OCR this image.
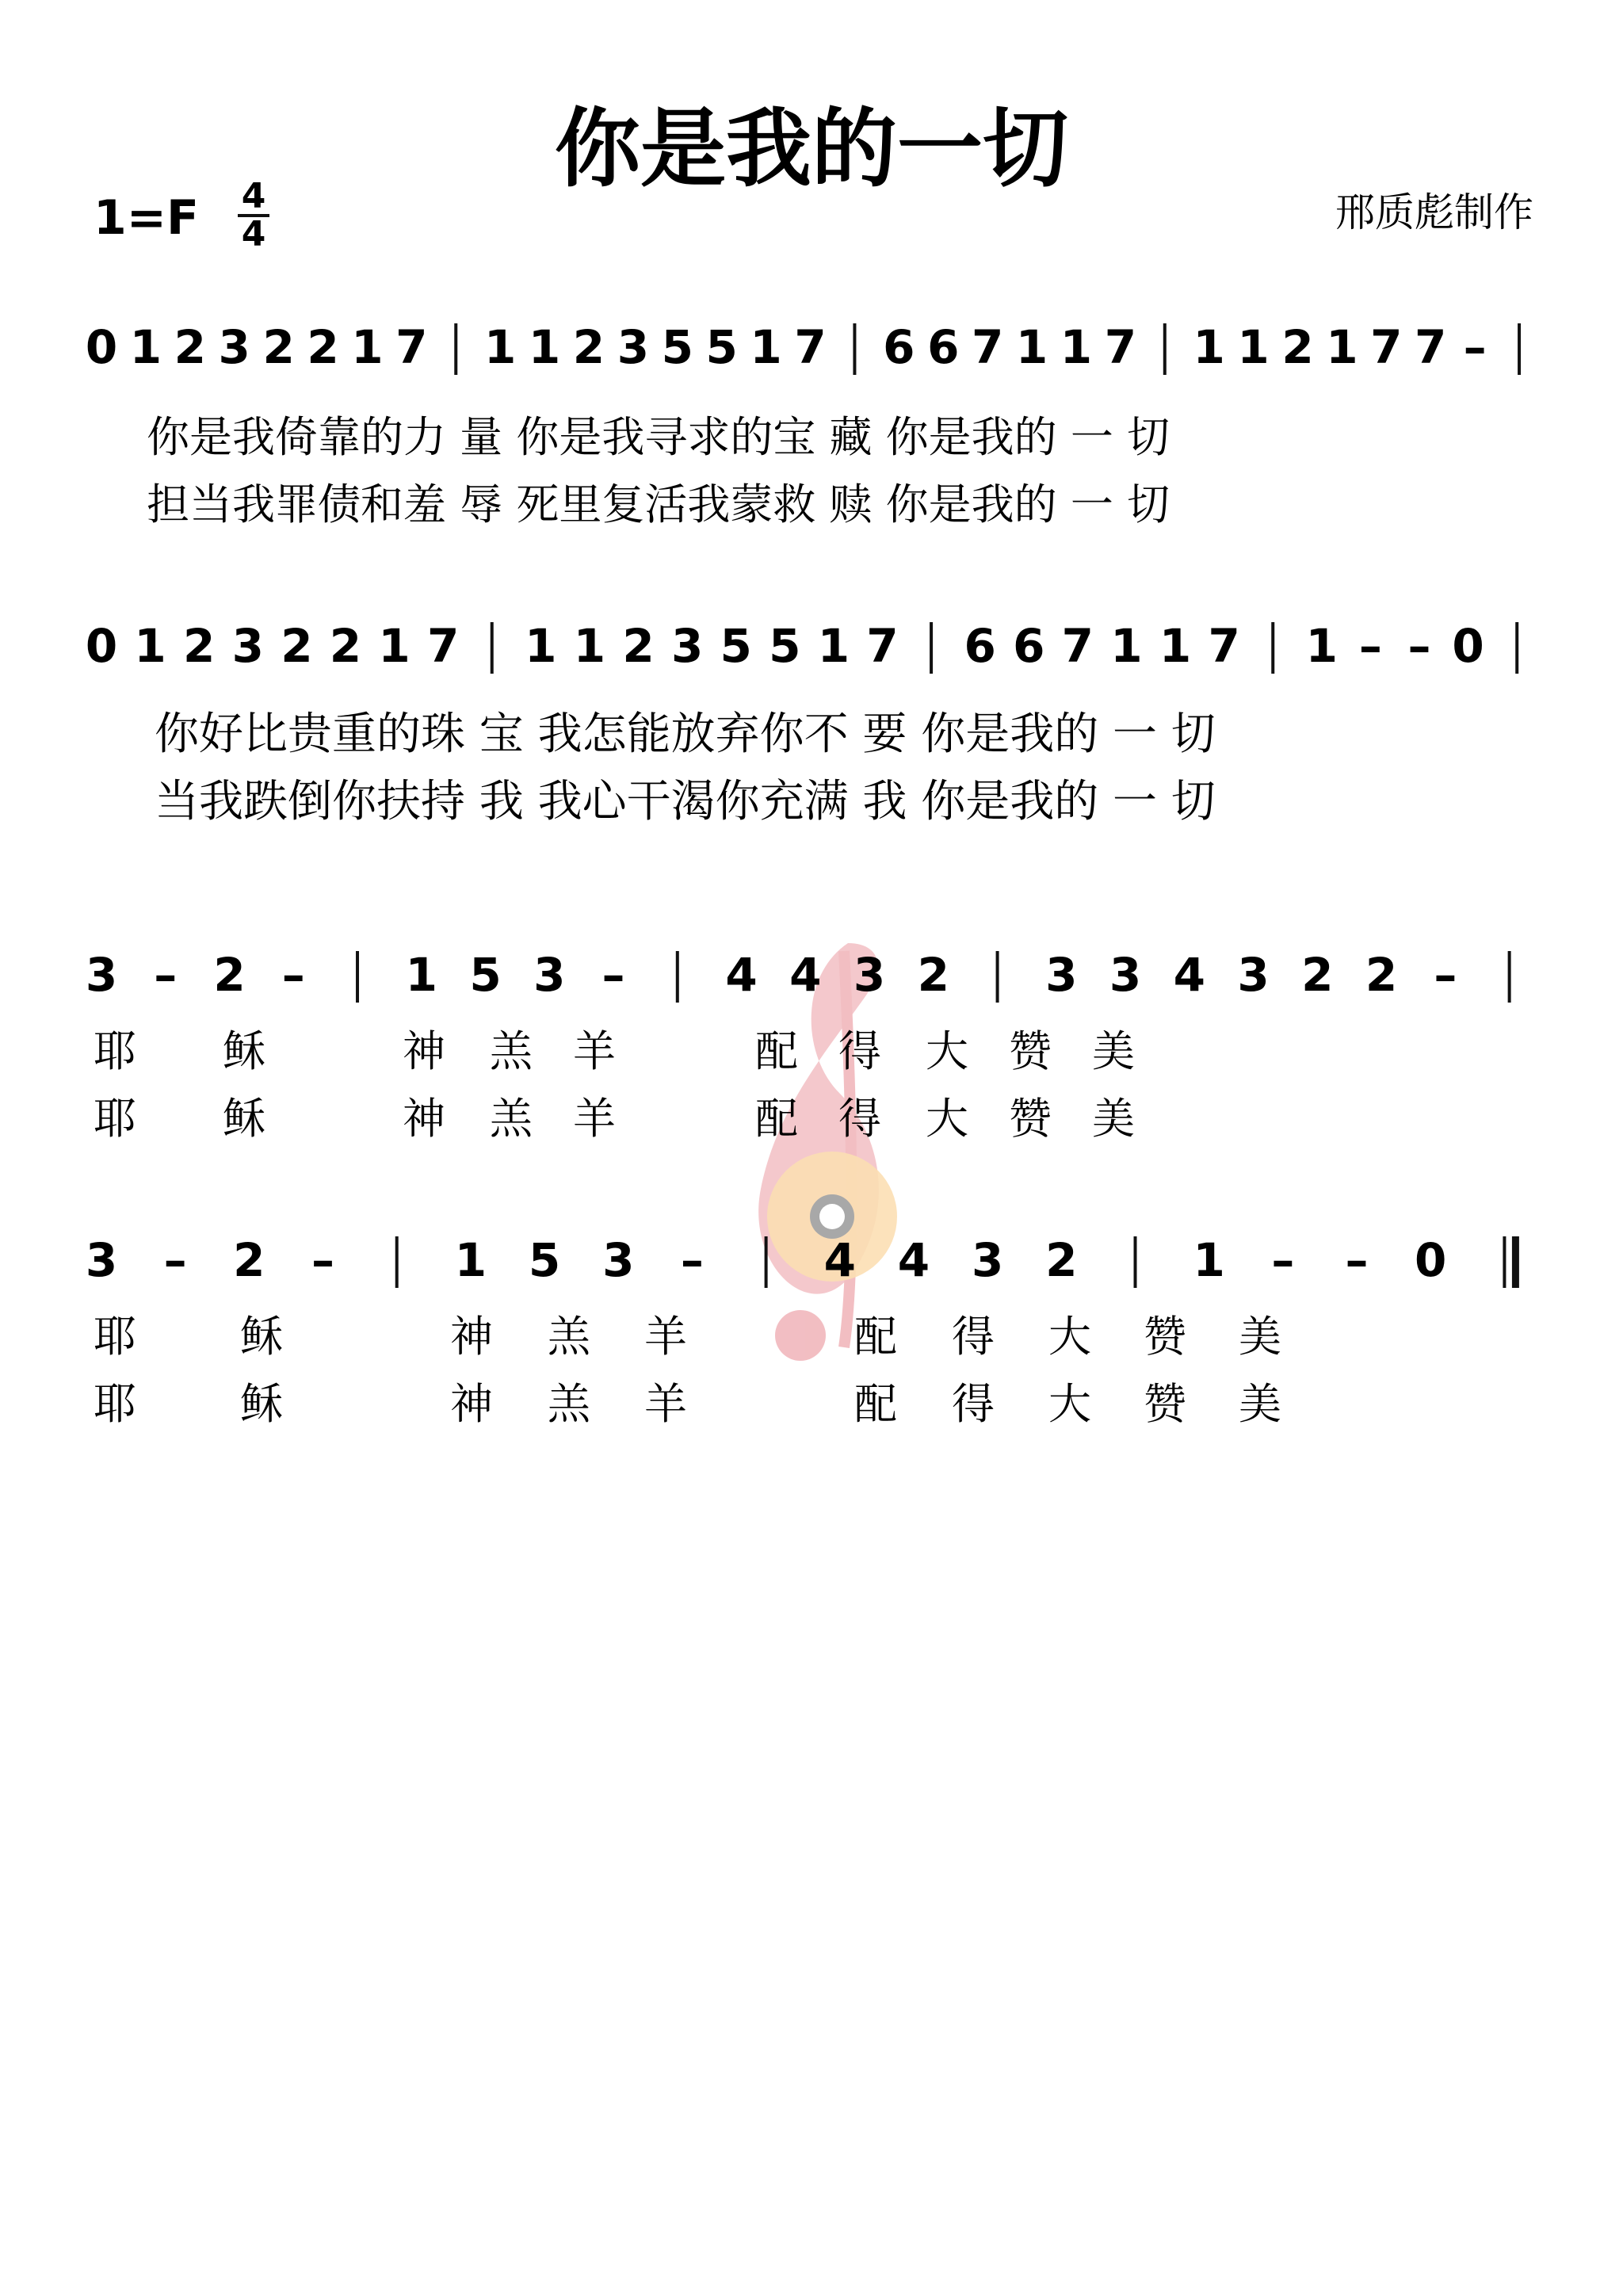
你是我的一切
1=F 4
4	邢质彪制作
0 1 2 3 2 2 1 7 1 1 2 3 5 5 1 7 6 6 7 1 1 7 1 1 2 1 7 7 –
你是我倚靠的力 量 你是我寻求的宝 藏 你是我的 一 切
担当我罪债和羞 辱 死里复活我蒙救 赎 你是我的 一 切
0 1 2 3 2 2 1 7 1 1 2 3 5 5 1 7 6 6 7 1 1 7 1 – – 0
你好比贵重的珠 宝 我怎能放弃你不 要 你是我的 一 切
当我跌倒你扶持 我 我心干渴你充满 我 你是我的 一 切
3 – 2 – 1 5 3 – 4 4 3 2 3 3 4 3 2 2 –
耶 稣	神 羔 羊	配 得 大 赞 美
耶 稣	神 羔 羊	配 得 大 赞 美
3 – 2 –	1 5 3 –	4 4 3 2	1 – – 0
耶 稣	神 羔 羊	配 得 大 赞 美
耶 稣	神 羔 羊	配 得 大 赞 美
